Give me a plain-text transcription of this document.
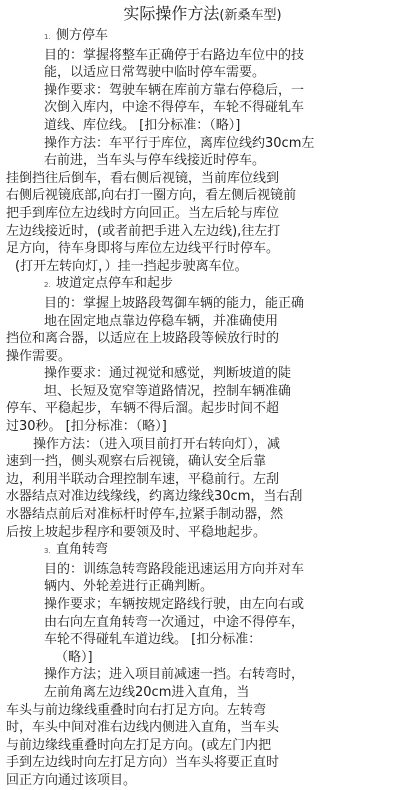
实际操作方法(新桑车型)
1. 侧方停车
目的：掌握将整车正确停于右路边车位中的技
能，以适应日常驾驶中临时停车需要。
操作要求：驾驶车辆在库前方靠右停稳后，一
次倒入库内，中途不得停车，车轮不得碰轧车
道线、库位线。 [扣分标准：（略）]
操作方法：车平行于库位，离库位线约30cm左
右前进，当车头与停车线接近时停车。
挂倒挡往后倒车，看右侧后视镜，当前库位线到
右侧后视镜底部,向右打一圈方向，看左侧后视镜前
把手到库位左边线时方向回正。当左后轮与库位
左边线接近时，(或者前把手进入左边线),往左打
足方向，待车身即将与库位左边线平行时停车。
(打开左转向灯，）挂一挡起步驶离车位。
2. 坡道定点停车和起步
目的：掌握上坡路段驾御车辆的能力，能正确
地在固定地点靠边停稳车辆，并准确使用
挡位和离合器，以适应在上坡路段等候放行时的
操作需要。
操作要求：通过视觉和感觉，判断坡道的陡
坦、长短及宽窄等道路情况，控制车辆准确
停车、平稳起步，车辆不得后溜。起步时间不超
过30秒。 [扣分标准：（略）]
操作方法：（进入项目前打开右转向灯），减
速到一挡，侧头观察右后视镜，确认安全后靠
边，利用半联动合理控制车速，平稳前行。左刮
水器结点对准边线缘线，约离边缘线30cm，当右刮
水器结点前后对准标杆时停车,拉紧手制动器，然
后按上坡起步程序和要领及时、平稳地起步。
3. 直角转弯
目的：训练急转弯路段能迅速运用方向并对车
辆内、外轮差进行正确判断。
操作要求；车辆按规定路线行驶，由左向右或
由右向左直角转弯一次通过，中途不得停车，
车轮不得碰轧车道边线。 [扣分标准：
（略）]
操作方法；进入项目前减速一挡。右转弯时，
左前角离左边线20cm进入直角，当
车头与前边缘线重叠时向右打足方向。左转弯
时，车头中间对准右边线内侧进入直角，当车头
与前边缘线重叠时向左打足方向。(或左门内把
手到左边线时向左打足方向）当车头将要正直时
回正方向通过该项目。
